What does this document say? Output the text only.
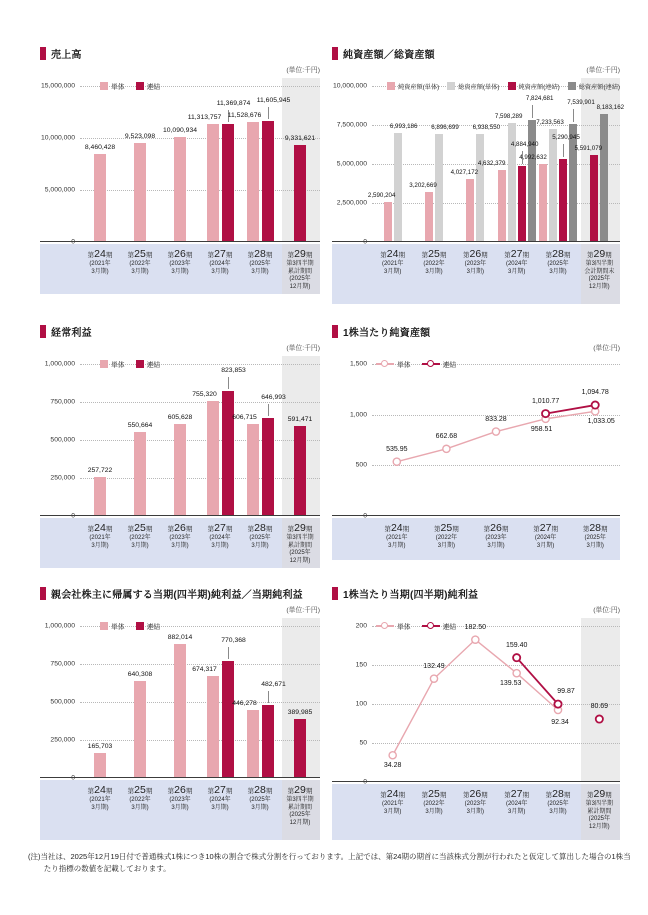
売上高
(単位:千円)
0
5,000,000
10,000,000
15,000,000	単体	連結
8,460,428
9,523,098
10,090,934
11,313,757
11,369,874
11,528,676
11,605,945
9,331,621
第24期
(2021年
3月期)
第25期
(2022年
3月期)
第26期
(2023年
3月期)
第27期
(2024年
3月期)
第28期
(2025年
3月期)
第29期
第3四半期
累計期間
(2025年
12月期)
純資産額／総資産額
(単位:千円)
0
2,500,000
5,000,000
7,500,000
10,000,000	純資産額(単体)	総資産額(単体)	純資産額(連結)	総資産額(連結)
2,590,204
6,993,186
3,202,669
6,896,699
4,027,172
6,938,550
4,632,379
7,598,289
4,884,940
7,824,681
4,992,632
7,233,563
5,290,945
7,539,901
5,591,079
8,183,162
第24期
(2021年
3月期)
第25期
(2022年
3月期)
第26期
(2023年
3月期)
第27期
(2024年
3月期)
第28期
(2025年
3月期)
第29期
第3四半期
会計期間末
(2025年
12月期)
経常利益
(単位:千円)
0
250,000
500,000
750,000
1,000,000	単体	連結
257,722
550,664
605,628
755,320
823,853
606,715
646,993
591,471
第24期
(2021年
3月期)
第25期
(2022年
3月期)
第26期
(2023年
3月期)
第27期
(2024年
3月期)
第28期
(2025年
3月期)
第29期
第3四半期
累計期間
(2025年
12月期)
1株当たり純資産額
(単位:円)
0
500
1,000
1,500	単体	連結
535.95
662.68
833.28
958.51
1,033.05
1,010.77
1,094.78
第24期
(2021年
3月期)
第25期
(2022年
3月期)
第26期
(2023年
3月期)
第27期
(2024年
3月期)
第28期
(2025年
3月期)
親会社株主に帰属する当期(四半期)純利益／当期純利益
(単位:千円)
0
250,000
500,000
750,000
1,000,000	単体	連結
165,703
640,308
882,014
674,317
770,368
446,278
482,671
389,985
第24期
(2021年
3月期)
第25期
(2022年
3月期)
第26期
(2023年
3月期)
第27期
(2024年
3月期)
第28期
(2025年
3月期)
第29期
第3四半期
累計期間
(2025年
12月期)
1株当たり当期(四半期)純利益
(単位:円)
0
50
100
150
200	単体	連結
34.28
132.49
182.50
139.53
92.34
159.40
99.87
80.69
第24期
(2021年
3月期)
第25期
(2022年
3月期)
第26期
(2023年
3月期)
第27期
(2024年
3月期)
第28期
(2025年
3月期)
第29期
第3四半期
累計期間
(2025年
12月期)

(注)当社は、2025年12月19日付で普通株式1株につき10株の割合で株式分割を行っております。上記では、第24期の期首に当該株式分割が行われたと仮定して算出した場合の1株当たり指標の数値を記載しております。
